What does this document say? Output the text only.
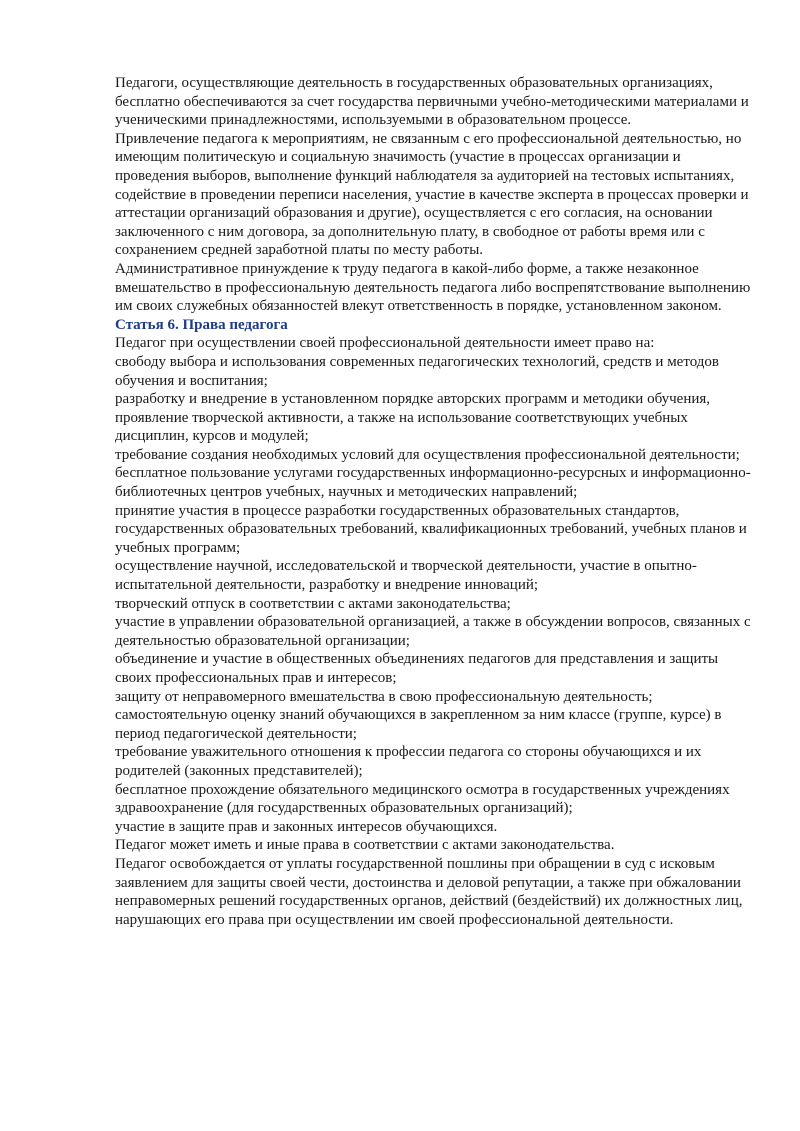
Педагоги, осуществляющие деятельность в государственных образовательных организациях, бесплатно обеспечиваются за счет государства первичными учебно-методическими материалами и ученическими принадлежностями, используемыми в образовательном процессе.

Привлечение педагога к мероприятиям, не связанным с его профессиональной деятельностью, но имеющим политическую и социальную значимость (участие в процессах организации и проведения выборов, выполнение функций наблюдателя за аудиторией на тестовых испытаниях, содействие в проведении переписи населения, участие в качестве эксперта в процессах проверки и аттестации организаций образования и другие), осуществляется с его согласия, на основании заключенного с ним договора, за дополнительную плату, в свободное от работы время или с сохранением средней заработной платы по месту работы.

Административное принуждение к труду педагога в какой-либо форме, а также незаконное вмешательство в профессиональную деятельность педагога либо воспрепятствование выполнению им своих служебных обязанностей влекут ответственность в порядке, установленном законом.

Статья 6. Права педагога

Педагог при осуществлении своей профессиональной деятельности имеет право на:

свободу выбора и использования современных педагогических технологий, средств и методов обучения и воспитания;

разработку и внедрение в установленном порядке авторских программ и методики обучения, проявление творческой активности, а также на использование соответствующих учебных дисциплин, курсов и модулей;

требование создания необходимых условий для осуществления профессиональной деятельности;

бесплатное пользование услугами государственных информационно-ресурсных и информационно-библиотечных центров учебных, научных и методических направлений;

принятие участия в процессе разработки государственных образовательных стандартов, государственных образовательных требований, квалификационных требований, учебных планов и учебных программ;

осуществление научной, исследовательской и творческой деятельности, участие в опытно-испытательной деятельности, разработку и внедрение инноваций;

творческий отпуск в соответствии с актами законодательства;

участие в управлении образовательной организацией, а также в обсуждении вопросов, связанных с деятельностью образовательной организации;

объединение и участие в общественных объединениях педагогов для представления и защиты своих профессиональных прав и интересов;

защиту от неправомерного вмешательства в свою профессиональную деятельность;

самостоятельную оценку знаний обучающихся в закрепленном за ним классе (группе, курсе) в период педагогической деятельности;

требование уважительного отношения к профессии педагога со стороны обучающихся и их родителей (законных представителей);

бесплатное прохождение обязательного медицинского осмотра в государственных учреждениях здравоохранение (для государственных образовательных организаций);

участие в защите прав и законных интересов обучающихся.

Педагог может иметь и иные права в соответствии с актами законодательства.

Педагог освобождается от уплаты государственной пошлины при обращении в суд с исковым заявлением для защиты своей чести, достоинства и деловой репутации, а также при обжаловании неправомерных решений государственных органов, действий (бездействий) их должностных лиц, нарушающих его права при осуществлении им своей профессиональной деятельности.
